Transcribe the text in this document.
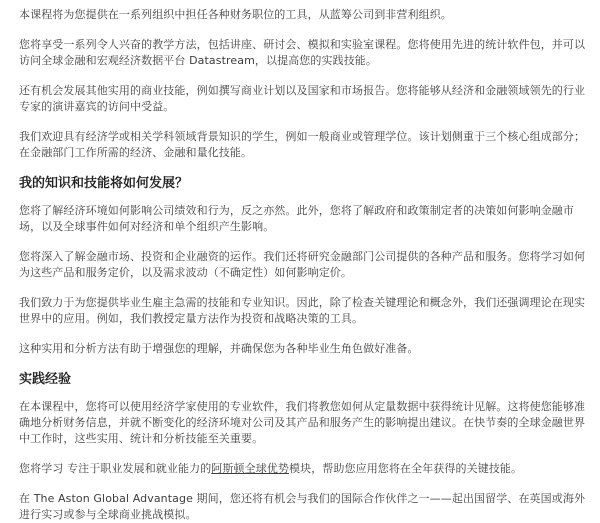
本课程将为您提供在一系列组织中担任各种财务职位的工具，从蓝筹公司到非营利组织。

您将享受一系列令人兴奋的教学方法，包括讲座、研讨会、模拟和实验室课程。您将使用先进的统计软件包，并可以访问全球金融和宏观经济数据平台 Datastream，以提高您的实践技能。

还有机会发展其他实用的商业技能，例如撰写商业计划以及国家和市场报告。您将能够从经济和金融领域领先的行业专家的演讲嘉宾的访问中受益。

我们欢迎具有经济学或相关学科领域背景知识的学生，例如一般商业或管理学位。该计划侧重于三个核心组成部分；在金融部门工作所需的经济、金融和量化技能。

我的知识和技能将如何发展？

您将了解经济环境如何影响公司绩效和行为，反之亦然。此外，您将了解政府和政策制定者的决策如何影响金融市场，以及全球事件如何对经济和单个组织产生影响。

您将深入了解金融市场、投资和企业融资的运作。我们还将研究金融部门公司提供的各种产品和服务。您将学习如何为这些产品和服务定价，以及需求波动（不确定性）如何影响定价。

我们致力于为您提供毕业生雇主急需的技能和专业知识。因此，除了检查关键理论和概念外，我们还强调理论在现实世界中的应用。例如，我们教授定量方法作为投资和战略决策的工具。

这种实用和分析方法有助于增强您的理解，并确保您为各种毕业生角色做好准备。

实践经验

在本课程中，您将可以使用经济学家使用的专业软件，我们将教您如何从定量数据中获得统计见解。这将使您能够准确地分析财务信息，并就不断变化的经济环境对公司及其产品和服务产生的影响提出建议。在快节奏的全球金融世界中工作时，这些实用、统计和分析技能至关重要。

您将学习 专注于职业发展和就业能力的阿斯顿全球优势模块，帮助您应用您将在全年获得的关键技能。

在 The Aston Global Advantage 期间，您还将有机会与我们的国际合作伙伴之一——起出国留学、在英国或海外进行实习或参与全球商业挑战模拟。
